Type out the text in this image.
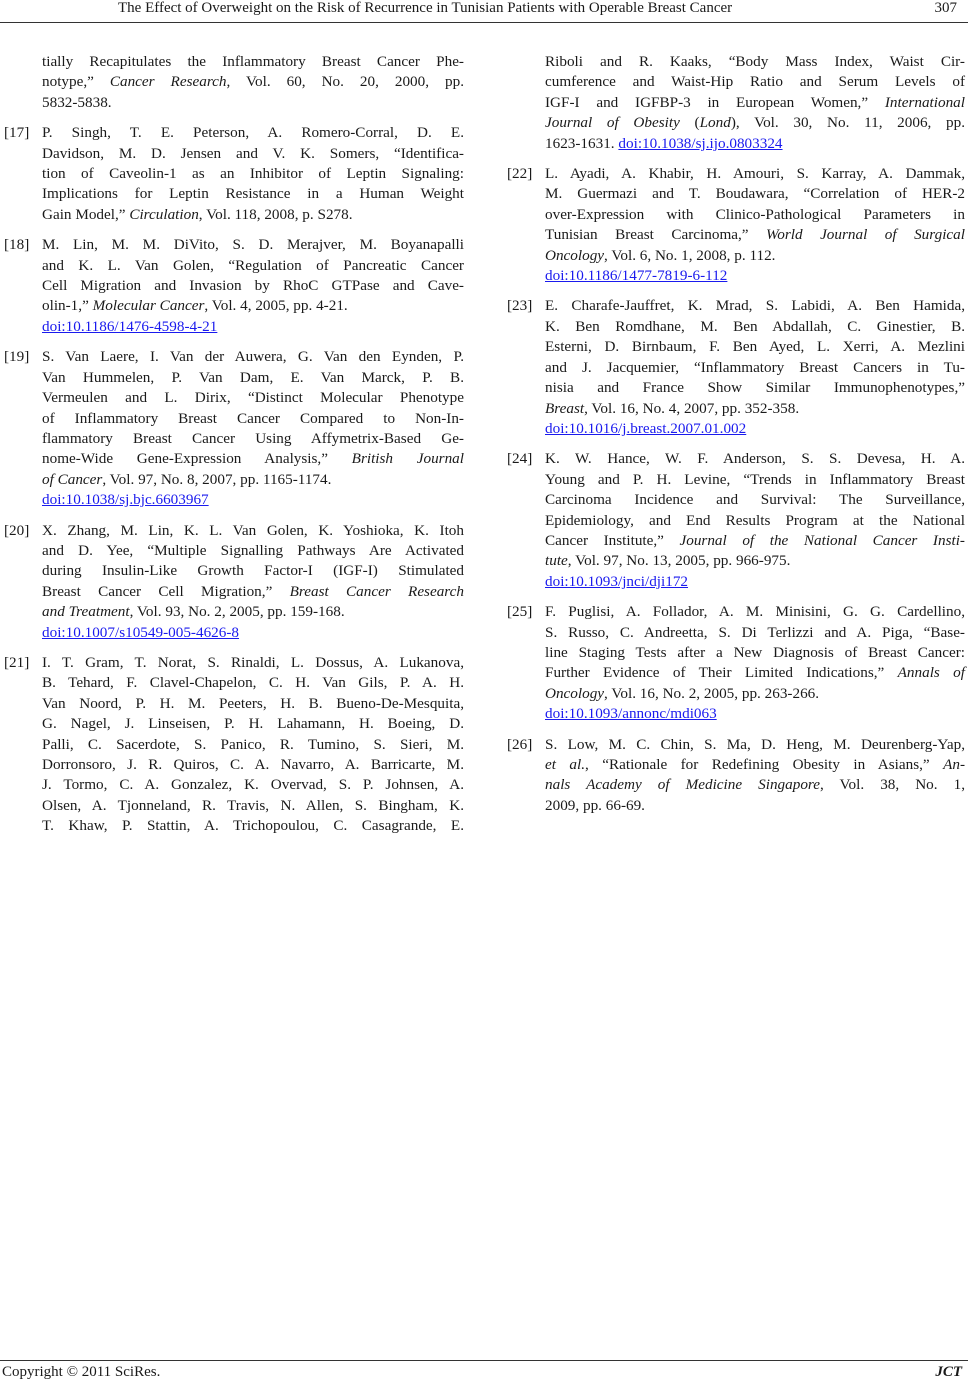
The Effect of Overweight on the Risk of Recurrence in Tunisian Patients with Operable Breast Cancer	307
tially Recapitulates the Inflammatory Breast Cancer Phe-
notype,” Cancer Research, Vol. 60, No. 20, 2000, pp.
5832-5838.
[17] P. Singh, T. E. Peterson, A. Romero-Corral, D. E.
Davidson, M. D. Jensen and V. K. Somers, “Identifica-
tion of Caveolin-1 as an Inhibitor of Leptin Signaling:
Implications for Leptin Resistance in a Human Weight
Gain Model,” Circulation, Vol. 118, 2008, p. S278.
[18] M. Lin, M. M. DiVito, S. D. Merajver, M. Boyanapalli
and K. L. Van Golen, “Regulation of Pancreatic Cancer
Cell Migration and Invasion by RhoC GTPase and Cave-
olin-1,” Molecular Cancer, Vol. 4, 2005, pp. 4-21.
doi:10.1186/1476-4598-4-21
[19] S. Van Laere, I. Van der Auwera, G. Van den Eynden, P.
Van Hummelen, P. Van Dam, E. Van Marck, P. B.
Vermeulen and L. Dirix, “Distinct Molecular Phenotype
of Inflammatory Breast Cancer Compared to Non-In-
flammatory Breast Cancer Using Affymetrix-Based Ge-
nome-Wide Gene-Expression Analysis,” British Journal
of Cancer, Vol. 97, No. 8, 2007, pp. 1165-1174.
doi:10.1038/sj.bjc.6603967
[20] X. Zhang, M. Lin, K. L. Van Golen, K. Yoshioka, K. Itoh
and D. Yee, “Multiple Signalling Pathways Are Activated
during Insulin-Like Growth Factor-I (IGF-I) Stimulated
Breast Cancer Cell Migration,” Breast Cancer Research
and Treatment, Vol. 93, No. 2, 2005, pp. 159-168.
doi:10.1007/s10549-005-4626-8
[21] I. T. Gram, T. Norat, S. Rinaldi, L. Dossus, A. Lukanova,
B. Tehard, F. Clavel-Chapelon, C. H. Van Gils, P. A. H.
Van Noord, P. H. M. Peeters, H. B. Bueno-De-Mesquita,
G. Nagel, J. Linseisen, P. H. Lahamann, H. Boeing, D.
Palli, C. Sacerdote, S. Panico, R. Tumino, S. Sieri, M.
Dorronsoro, J. R. Quiros, C. A. Navarro, A. Barricarte, M.
J. Tormo, C. A. Gonzalez, K. Overvad, S. P. Johnsen, A.
Olsen, A. Tjonneland, R. Travis, N. Allen, S. Bingham, K.
T. Khaw, P. Stattin, A. Trichopoulou, C. Casagrande, E.
Riboli and R. Kaaks, “Body Mass Index, Waist Cir-
cumference and Waist-Hip Ratio and Serum Levels of
IGF-I and IGFBP-3 in European Women,” International
Journal of Obesity (Lond), Vol. 30, No. 11, 2006, pp.
1623-1631. doi:10.1038/sj.ijo.0803324
[22] L. Ayadi, A. Khabir, H. Amouri, S. Karray, A. Dammak,
M. Guermazi and T. Boudawara, “Correlation of HER-2
over-Expression with Clinico-Pathological Parameters in
Tunisian Breast Carcinoma,” World Journal of Surgical
Oncology, Vol. 6, No. 1, 2008, p. 112.
doi:10.1186/1477-7819-6-112
[23] E. Charafe-Jauffret, K. Mrad, S. Labidi, A. Ben Hamida,
K. Ben Romdhane, M. Ben Abdallah, C. Ginestier, B.
Esterni, D. Birnbaum, F. Ben Ayed, L. Xerri, A. Mezlini
and J. Jacquemier, “Inflammatory Breast Cancers in Tu-
nisia and France Show Similar Immunophenotypes,”
Breast, Vol. 16, No. 4, 2007, pp. 352-358.
doi:10.1016/j.breast.2007.01.002
[24] K. W. Hance, W. F. Anderson, S. S. Devesa, H. A.
Young and P. H. Levine, “Trends in Inflammatory Breast
Carcinoma Incidence and Survival: The Surveillance,
Epidemiology, and End Results Program at the National
Cancer Institute,” Journal of the National Cancer Insti-
tute, Vol. 97, No. 13, 2005, pp. 966-975.
doi:10.1093/jnci/dji172
[25] F. Puglisi, A. Follador, A. M. Minisini, G. G. Cardellino,
S. Russo, C. Andreetta, S. Di Terlizzi and A. Piga, “Base-
line Staging Tests after a New Diagnosis of Breast Cancer:
Further Evidence of Their Limited Indications,” Annals of
Oncology, Vol. 16, No. 2, 2005, pp. 263-266.
doi:10.1093/annonc/mdi063
[26] S. Low, M. C. Chin, S. Ma, D. Heng, M. Deurenberg-Yap,
et al., “Rationale for Redefining Obesity in Asians,” An-
nals Academy of Medicine Singapore, Vol. 38, No. 1,
2009, pp. 66-69.
Copyright © 2011 SciRes.	JCT
